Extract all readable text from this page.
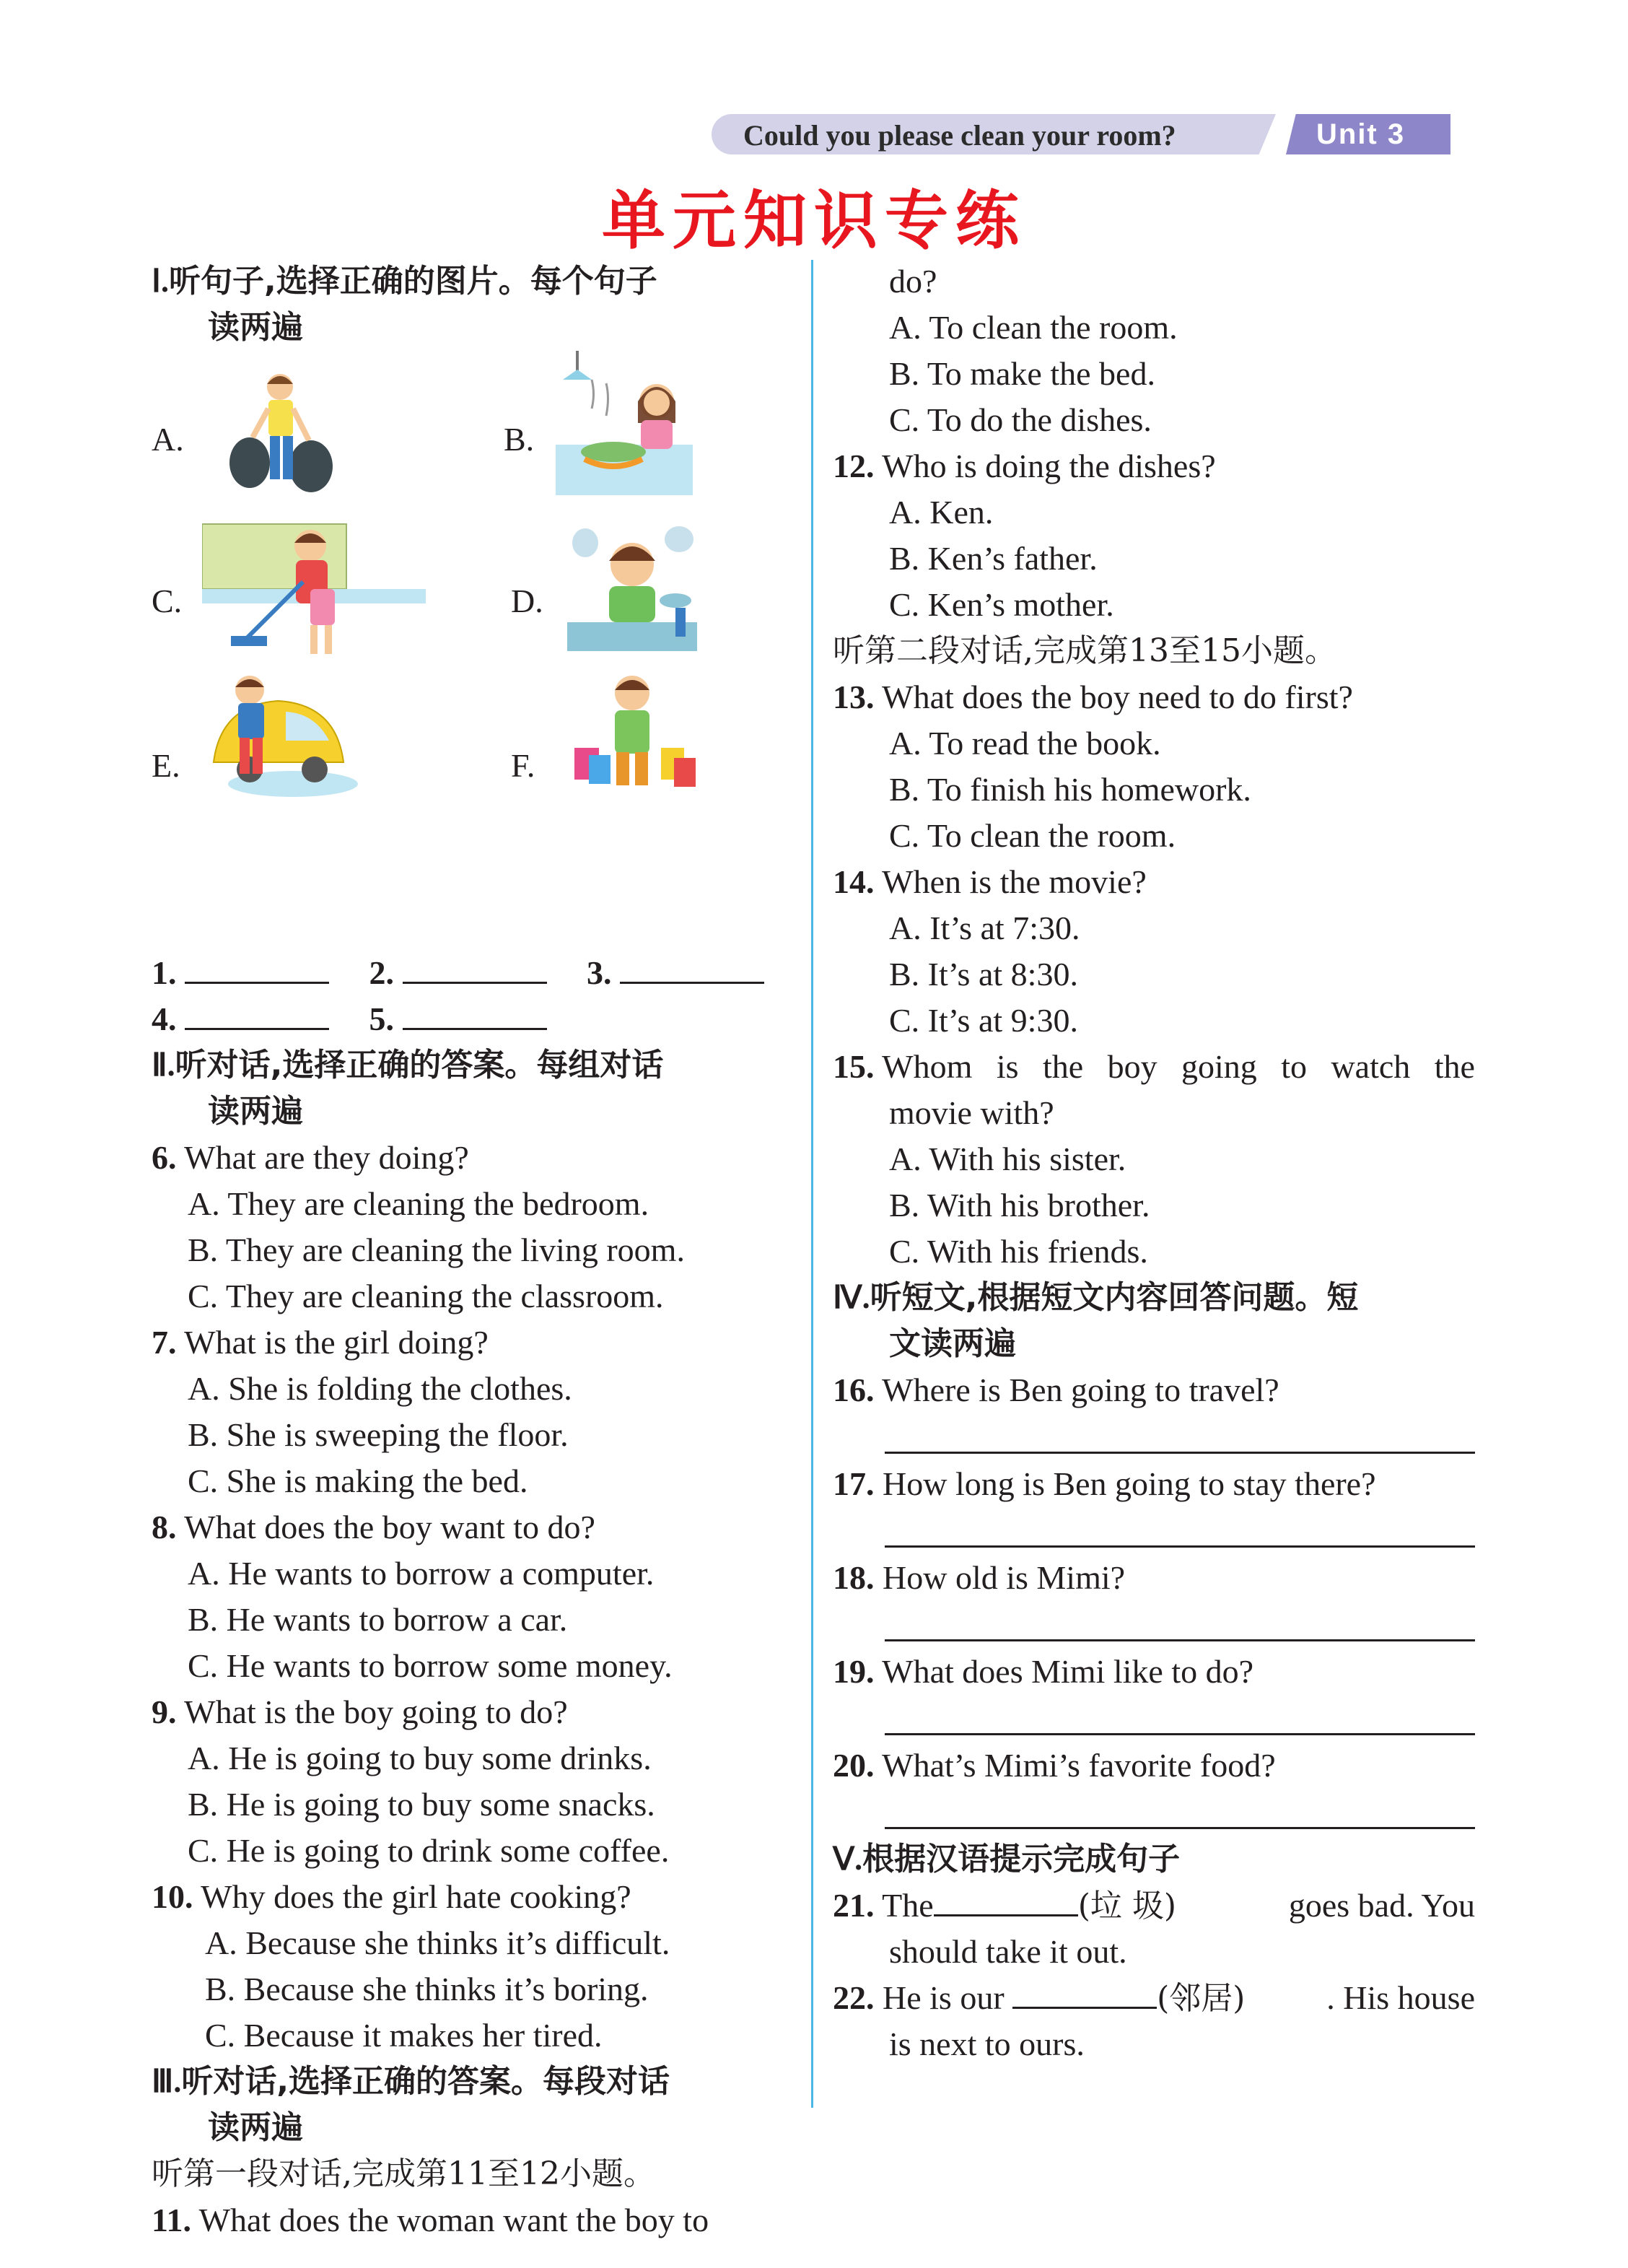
Could you please clean your room?	Unit 3
单元知识专练
Ⅰ.听句子,选择正确的图片。每个句子
读两遍
A.	B.
C.	D.
E.	F.
1.	2.	3.
4.	5.
Ⅱ.听对话,选择正确的答案。每组对话
读两遍
6. What are they doing?
A. They are cleaning the bedroom.
B. They are cleaning the living room.
C. They are cleaning the classroom.
7. What is the girl doing?
A. She is folding the clothes.
B. She is sweeping the floor.
C. She is making the bed.
8. What does the boy want to do?
A. He wants to borrow a computer.
B. He wants to borrow a car.
C. He wants to borrow some money.
9. What is the boy going to do?
A. He is going to buy some drinks.
B. He is going to buy some snacks.
C. He is going to drink some coffee.
10. Why does the girl hate cooking?
A. Because she thinks it’s difficult.
B. Because she thinks it’s boring.
C. Because it makes her tired.
Ⅲ.听对话,选择正确的答案。每段对话
读两遍
听第一段对话,完成第11至12小题。
11. What does the woman want the boy to
do?
A. To clean the room.
B. To make the bed.
C. To do the dishes.
12. Who is doing the dishes?
A. Ken.
B. Ken’s father.
C. Ken’s mother.
听第二段对话,完成第13至15小题。
13. What does the boy need to do first?
A. To read the book.
B. To finish his homework.
C. To clean the room.
14. When is the movie?
A. It’s at 7:30.
B. It’s at 8:30.
C. It’s at 9:30.
15. Whom is the boy going to watch the
movie with?
A. With his sister.
B. With his brother.
C. With his friends.
Ⅳ.听短文,根据短文内容回答问题。短
文读两遍
16. Where is Ben going to travel?
17. How long is Ben going to stay there?
18. How old is Mimi?
19. What does Mimi like to do?
20. What’s Mimi’s favorite food?
Ⅴ.根据汉语提示完成句子
21. The	(垃 圾)	goes bad. You
should take it out.
22. He is our	(邻居) . His house
is next to ours.
